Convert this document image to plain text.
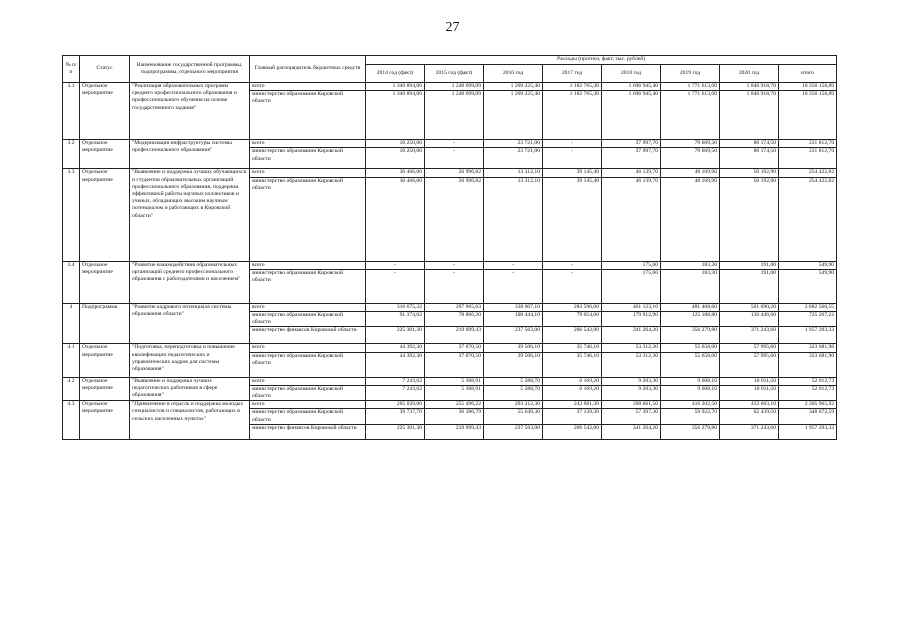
27
№ п/п	Статус	Наименование государственной программы, подпрограммы, отдельного мероприятия	Главный распорядитель бюджетных средств	Расходы (прогноз, факт, тыс. рублей)							
				2014 год (факт)	2015 год (факт)	2016 год	2017 год	2018 год	2019 год	2020 год	итого
3.1	Отдельное мероприятие	"Реализация образовательных программ среднего профессионального образования и профессионального обучения на основе государственного задания"	всего	1 340 894,00	1 248 699,09	1 269 225,40	1 182 765,30	1 696 945,40	1 771 613,00	1 846 918,70	10 356 158,89
			министерство образования Кировской области	1 340 894,00	1 248 699,09	1 269 225,40	1 182 765,30	1 696 945,40	1 771 613,00	1 846 918,70	10 356 158,89
3.2	Отдельное мероприятие	"Модернизация инфраструктуры системы профессионального образования"	всего	10 250,00	-	23 721,00	-	37 997,70	79 669,30	80 174,50	231 812,70
			министерство образования Кировской области	10 250,00	-	23 721,00	-	37 997,70	79 669,50	80 174,50	231 812,70
3.3	Отдельное мероприятие	"Выявление и поддержка лучших обучающихся и студентов образовательных организаций профессионального образования, поддержка эффективной работы научных коллективов и ученых, обладающих высоким научным потенциалом и работающих в Кировской области"	всего	30 466,00	26 996,82	13 312,10	39 145,40	46 139,70	48 169,90	50 192,90	254 422,82
			министерство образования Кировской области	30 466,00	26 996,82	13 312,10	39 145,40	46 139,70	48 169,90	50 192,90	254 422,82
3.4	Отдельное мероприятие	"Развитие взаимодействия образовательных организаций среднего профессионального образования с работодателями и населением"	всего	-	-	-	-	175,60	183,30	191,00	549,90
			министерство образования Кировской области	-	-	-	-	175,60	183,30	191,00	549,90
4	Подпрограмма	"Развитие кадрового потенциала системы образования области"	всего	316 675,32	297 965,63	338 007,10	283 596,60	461 123,10	481 468,60	501 690,20	2 682 560,55
			министерство образования Кировской области	91 374,02	78 866,20	100 444,10	79 054,60	179 912,90	125 188,80	130 446,60	725 267,22
			министерство финансов Кировской области	225 301,30	219 099,43	237 563,00	206 542,00	341 264,20	356 279,80	371 243,60	1 957 293,33
4.1	Отдельное мероприятие	"Подготовка, переподготовка и повышение квалификации педагогических и управленческих кадров для системы образования"	всего	44 392,30	37 070,50	39 506,10	35 746,10	53 312,30	55 658,00	57 995,60	323 681,90
			министерство образования Кировской области	44 392,30	37 070,50	39 506,10	35 746,10	53 312,30	55 658,00	57 995,60	323 681,90
4.2	Отдельное мероприятие	"Выявление и поддержка лучших педагогических работников в сфере образования"	всего	7 243,02	5 388,91	5 288,70	6 169,20	9 203,30	9 608,10	10 011,50	52 912,73
			министерство образования Кировской области	7 243,02	5 388,91	5 288,70	6 169,20	9 203,30	9 608,10	10 011,50	52 912,73
4.3	Отдельное мероприятие	"Привлечение в отрасль и поддержка молодых специалистов и специалистов, работающих в сельских населенных пунктах"	всего	265 039,00	255 496,22	293 212,30	243 681,30	398 661,50	416 202,50	433 683,10	2 305 965,92
			министерство образования Кировской области	39 737,70	36 386,79	55 649,30	37 139,30	57 397,30	59 922,70	62 439,50	348 672,59
			министерство финансов Кировской области	225 301,30	219 099,43	237 563,00	206 542,00	341 264,20	356 279,80	371 243,60	1 957 293,33
